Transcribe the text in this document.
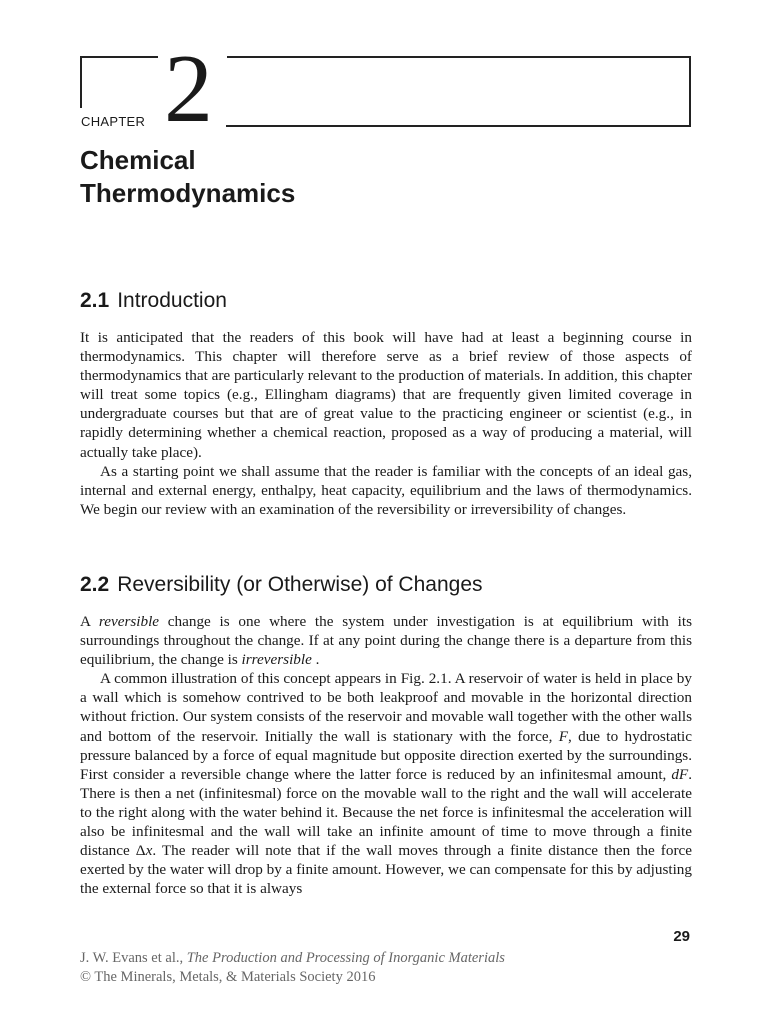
CHAPTER 2
Chemical
Thermodynamics
2.1 Introduction

It is anticipated that the readers of this book will have had at least a beginning course in thermodynamics. This chapter will therefore serve as a brief review of those aspects of thermodynamics that are particularly relevant to the production of materials. In addition, this chapter will treat some topics (e.g., Ellingham diagrams) that are frequently given limited coverage in undergraduate courses but that are of great value to the practicing engineer or scientist (e.g., in rapidly determining whether a chemical reaction, proposed as a way of producing a material, will actually take place).

As a starting point we shall assume that the reader is familiar with the concepts of an ideal gas, internal and external energy, enthalpy, heat capacity, equilibrium and the laws of thermodynamics. We begin our review with an examination of the reversibility or irreversibility of changes.

2.2 Reversibility (or Otherwise) of Changes

A reversible change is one where the system under investigation is at equilibrium with its surroundings throughout the change. If at any point during the change there is a departure from this equilibrium, the change is irreversible .

A common illustration of this concept appears in Fig. 2.1. A reservoir of water is held in place by a wall which is somehow contrived to be both leakproof and movable in the horizontal direction without friction. Our system consists of the reservoir and movable wall together with the other walls and bottom of the reservoir. Initially the wall is stationary with the force, F, due to hydrostatic pressure balanced by a force of equal magnitude but opposite direction exerted by the surroundings. First consider a reversible change where the latter force is reduced by an infinitesmal amount, dF. There is then a net (infinitesmal) force on the movable wall to the right and the wall will accelerate to the right along with the water behind it. Because the net force is infinitesmal the acceleration will also be infinitesmal and the wall will take an infinite amount of time to move through a finite distance Δx. The reader will note that if the wall moves through a finite distance then the force exerted by the water will drop by a finite amount. However, we can compensate for this by adjusting the external force so that it is always

29
J. W. Evans et al., The Production and Processing of Inorganic Materials
© The Minerals, Metals, & Materials Society 2016
